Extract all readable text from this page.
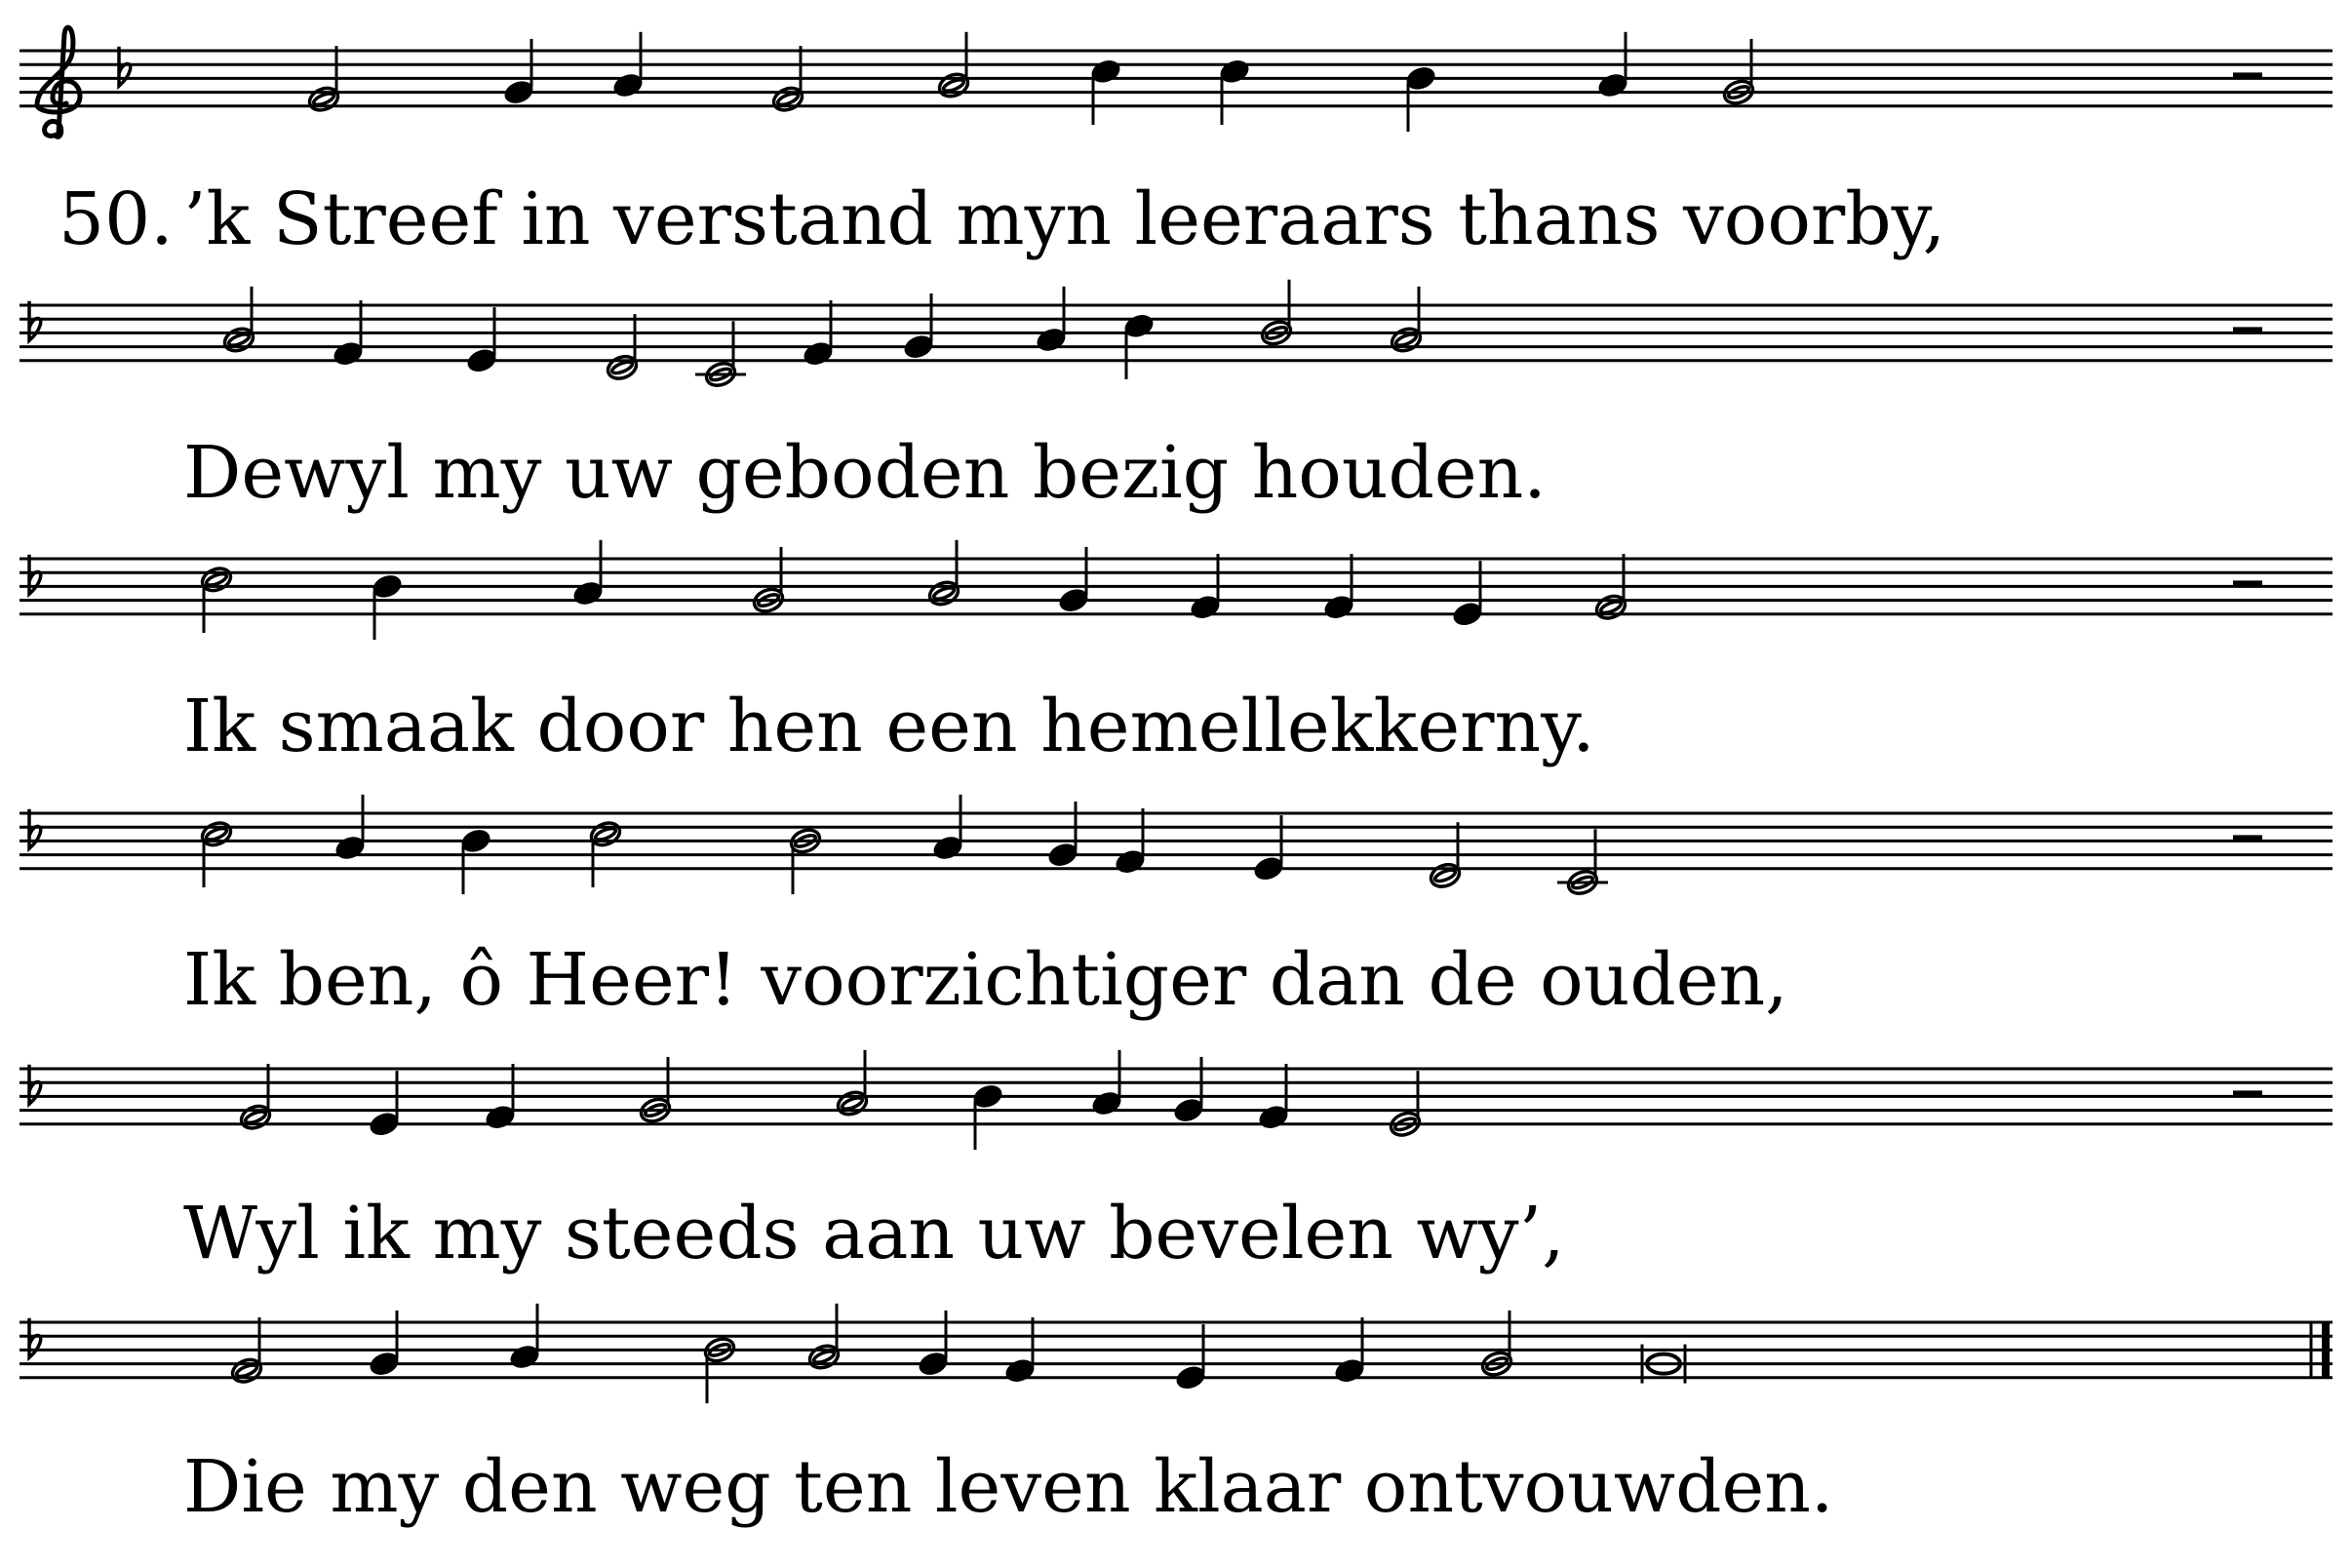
50. ’k Streef in verstand myn leeraars thans voorby,
Dewyl my uw geboden bezig houden.
Ik smaak door hen een hemellekkerny.
Ik ben, ô Heer! voorzichtiger dan de ouden,
Wyl ik my steeds aan uw bevelen wy’,
Die my den weg ten leven klaar ontvouwden.
